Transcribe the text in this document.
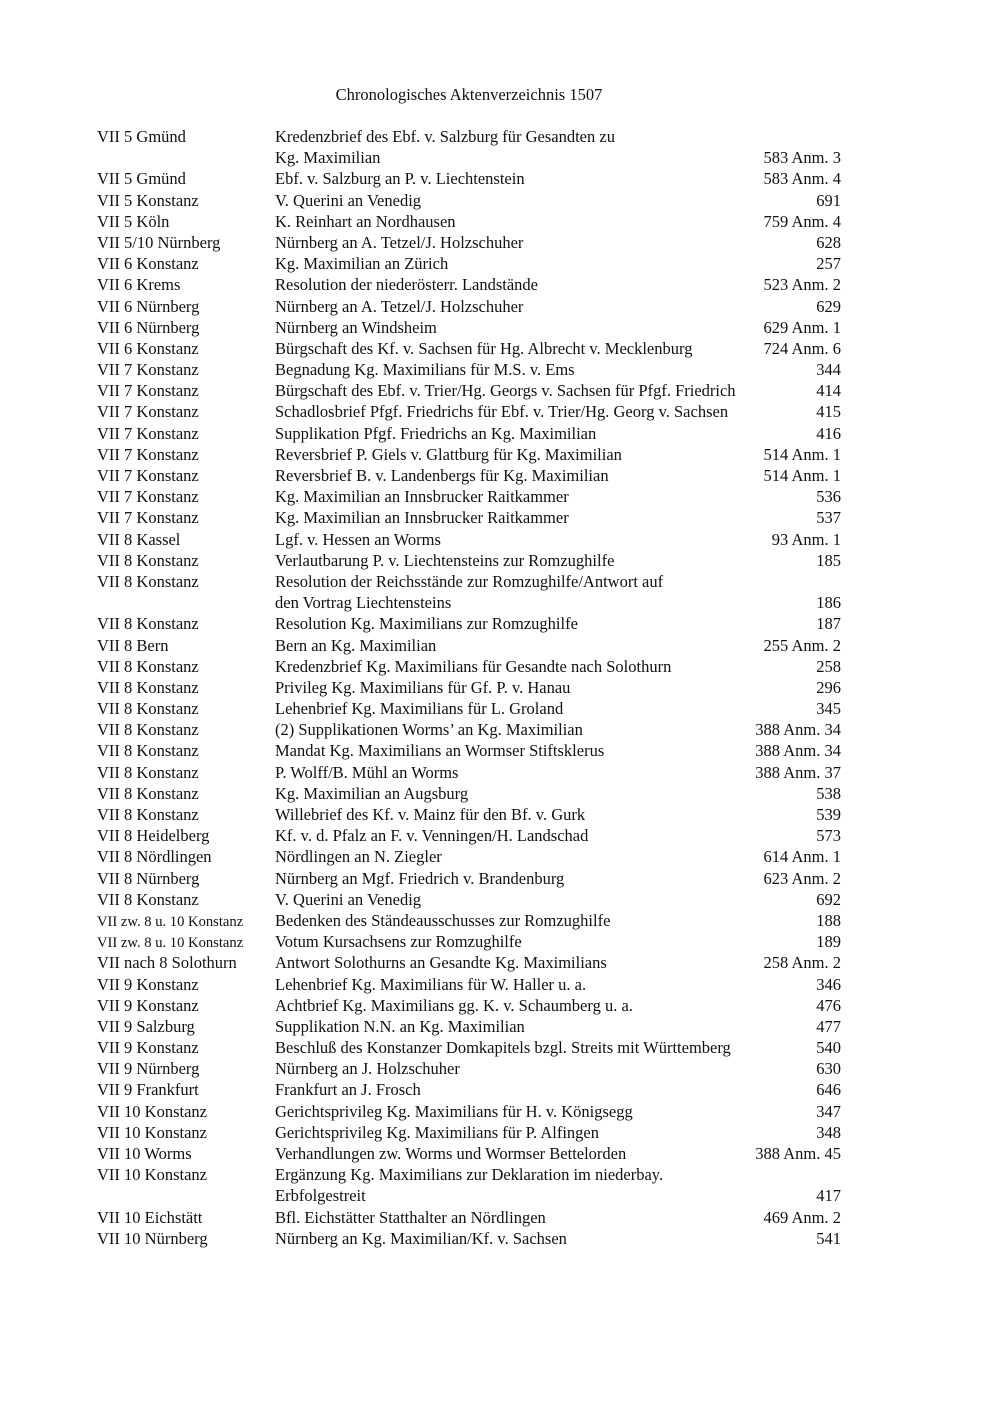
Chronologisches Aktenverzeichnis 1507
VII 5 Gmünd	Kredenzbrief des Ebf. v. Salzburg für Gesandten zu
Kg. Maximilian	583 Anm. 3
VII 5 Gmünd	Ebf. v. Salzburg an P. v. Liechtenstein	583 Anm. 4
VII 5 Konstanz	V. Querini an Venedig	691
VII 5 Köln	K. Reinhart an Nordhausen	759 Anm. 4
VII 5/10 Nürnberg	Nürnberg an A. Tetzel/J. Holzschuher	628
VII 6 Konstanz	Kg. Maximilian an Zürich	257
VII 6 Krems	Resolution der niederösterr. Landstände	523 Anm. 2
VII 6 Nürnberg	Nürnberg an A. Tetzel/J. Holzschuher	629
VII 6 Nürnberg	Nürnberg an Windsheim	629 Anm. 1
VII 6 Konstanz	Bürgschaft des Kf. v. Sachsen für Hg. Albrecht v. Mecklenburg	724 Anm. 6
VII 7 Konstanz	Begnadung Kg. Maximilians für M.S. v. Ems	344
VII 7 Konstanz	Bürgschaft des Ebf. v. Trier/Hg. Georgs v. Sachsen für Pfgf. Friedrich	414
VII 7 Konstanz	Schadlosbrief Pfgf. Friedrichs für Ebf. v. Trier/Hg. Georg v. Sachsen	415
VII 7 Konstanz	Supplikation Pfgf. Friedrichs an Kg. Maximilian	416
VII 7 Konstanz	Reversbrief P. Giels v. Glattburg für Kg. Maximilian	514 Anm. 1
VII 7 Konstanz	Reversbrief B. v. Landenbergs für Kg. Maximilian	514 Anm. 1
VII 7 Konstanz	Kg. Maximilian an Innsbrucker Raitkammer	536
VII 7 Konstanz	Kg. Maximilian an Innsbrucker Raitkammer	537
VII 8 Kassel	Lgf. v. Hessen an Worms	93 Anm. 1
VII 8 Konstanz	Verlautbarung P. v. Liechtensteins zur Romzughilfe	185
VII 8 Konstanz	Resolution der Reichsstände zur Romzughilfe/Antwort auf
den Vortrag Liechtensteins	186
VII 8 Konstanz	Resolution Kg. Maximilians zur Romzughilfe	187
VII 8 Bern	Bern an Kg. Maximilian	255 Anm. 2
VII 8 Konstanz	Kredenzbrief Kg. Maximilians für Gesandte nach Solothurn	258
VII 8 Konstanz	Privileg Kg. Maximilians für Gf. P. v. Hanau	296
VII 8 Konstanz	Lehenbrief Kg. Maximilians für L. Groland	345
VII 8 Konstanz	(2) Supplikationen Worms’ an Kg. Maximilian	388 Anm. 34
VII 8 Konstanz	Mandat Kg. Maximilians an Wormser Stiftsklerus	388 Anm. 34
VII 8 Konstanz	P. Wolff/B. Mühl an Worms	388 Anm. 37
VII 8 Konstanz	Kg. Maximilian an Augsburg	538
VII 8 Konstanz	Willebrief des Kf. v. Mainz für den Bf. v. Gurk	539
VII 8 Heidelberg	Kf. v. d. Pfalz an F. v. Venningen/H. Landschad	573
VII 8 Nördlingen	Nördlingen an N. Ziegler	614 Anm. 1
VII 8 Nürnberg	Nürnberg an Mgf. Friedrich v. Brandenburg	623 Anm. 2
VII 8 Konstanz	V. Querini an Venedig	692
VII zw. 8 u. 10 Konstanz	Bedenken des Ständeausschusses zur Romzughilfe	188
VII zw. 8 u. 10 Konstanz	Votum Kursachsens zur Romzughilfe	189
VII nach 8 Solothurn	Antwort Solothurns an Gesandte Kg. Maximilians	258 Anm. 2
VII 9 Konstanz	Lehenbrief Kg. Maximilians für W. Haller u. a.	346
VII 9 Konstanz	Achtbrief Kg. Maximilians gg. K. v. Schaumberg u. a.	476
VII 9 Salzburg	Supplikation N.N. an Kg. Maximilian	477
VII 9 Konstanz	Beschluß des Konstanzer Domkapitels bzgl. Streits mit Württemberg	540
VII 9 Nürnberg	Nürnberg an J. Holzschuher	630
VII 9 Frankfurt	Frankfurt an J. Frosch	646
VII 10 Konstanz	Gerichtsprivileg Kg. Maximilians für H. v. Königsegg	347
VII 10 Konstanz	Gerichtsprivileg Kg. Maximilians für P. Alfingen	348
VII 10 Worms	Verhandlungen zw. Worms und Wormser Bettelorden	388 Anm. 45
VII 10 Konstanz	Ergänzung Kg. Maximilians zur Deklaration im niederbay.
Erbfolgestreit	417
VII 10 Eichstätt	Bfl. Eichstätter Statthalter an Nördlingen	469 Anm. 2
VII 10 Nürnberg	Nürnberg an Kg. Maximilian/Kf. v. Sachsen	541
